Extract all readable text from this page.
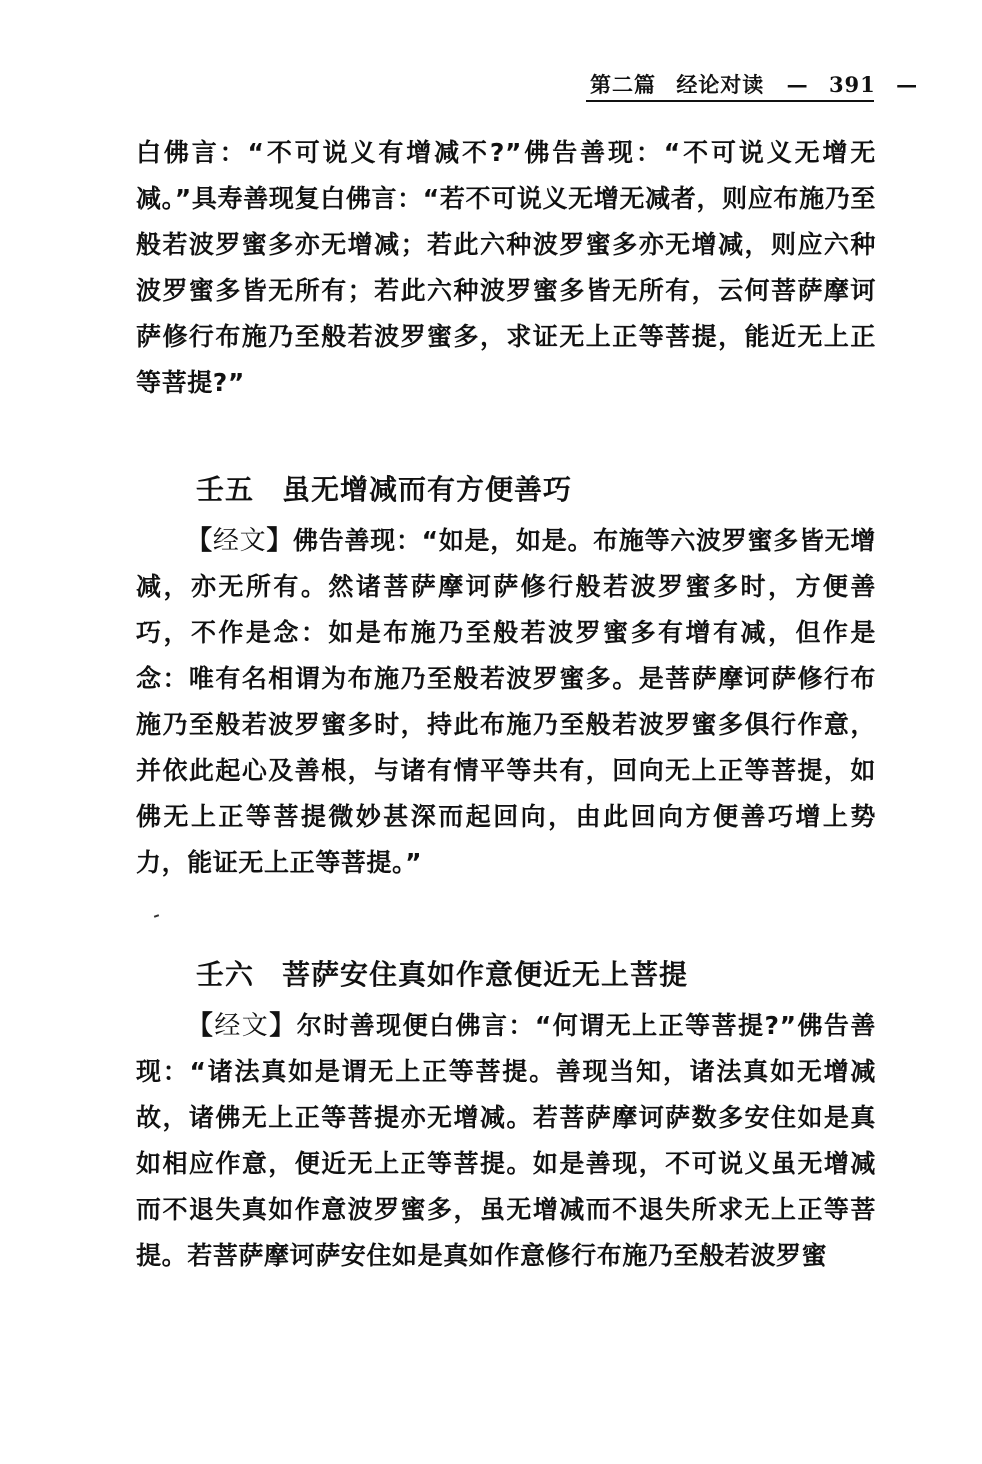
第二篇 经论对读 — 391 —

白佛言：“不可说义有增减不?”佛告善现：“不可说义无增无减。”具寿善现复白佛言：“若不可说义无增无减者，则应布施乃至般若波罗蜜多亦无增减；若此六种波罗蜜多亦无增减，则应六种波罗蜜多皆无所有；若此六种波罗蜜多皆无所有，云何菩萨摩诃萨修行布施乃至般若波罗蜜多，求证无上正等菩提，能近无上正等菩提?”

壬五 虽无增减而有方便善巧

【经文】佛告善现：“如是，如是。布施等六波罗蜜多皆无增减，亦无所有。然诸菩萨摩诃萨修行般若波罗蜜多时，方便善巧，不作是念：如是布施乃至般若波罗蜜多有增有减，但作是念：唯有名相谓为布施乃至般若波罗蜜多。是菩萨摩诃萨修行布施乃至般若波罗蜜多时，持此布施乃至般若波罗蜜多俱行作意，并依此起心及善根，与诸有情平等共有，回向无上正等菩提，如佛无上正等菩提微妙甚深而起回向，由此回向方便善巧增上势力，能证无上正等菩提。”

壬六 菩萨安住真如作意便近无上菩提

【经文】尔时善现便白佛言：“何谓无上正等菩提?”佛告善现：“诸法真如是谓无上正等菩提。善现当知，诸法真如无增减故，诸佛无上正等菩提亦无增减。若菩萨摩诃萨数多安住如是真如相应作意，便近无上正等菩提。如是善现，不可说义虽无增减而不退失真如作意波罗蜜多，虽无增减而不退失所求无上正等菩提。若菩萨摩诃萨安住如是真如作意修行布施乃至般若波罗蜜
